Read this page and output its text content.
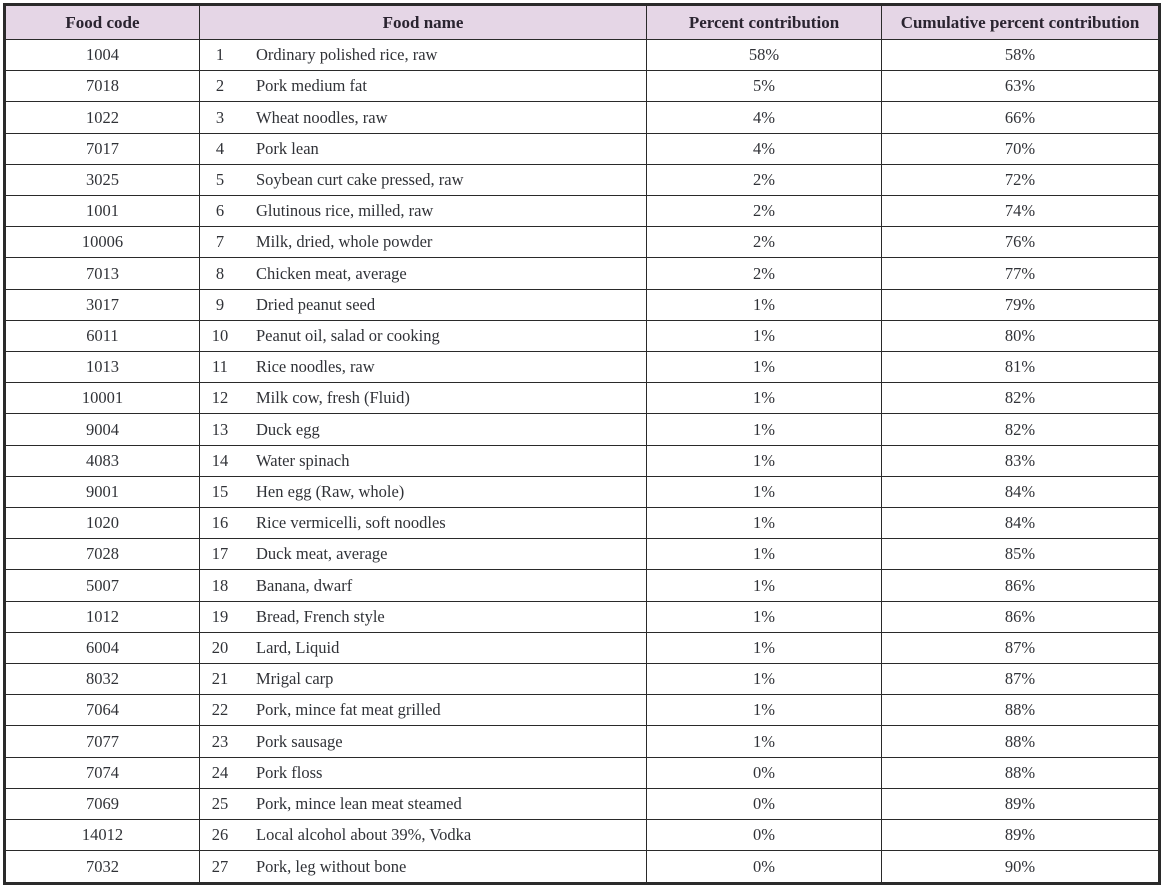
Food code	Food name	Percent contribution	Cumulative percent contribution
1004	1 Ordinary polished rice, raw	58%	58%
7018	2 Pork medium fat	5%	63%
1022	3 Wheat noodles, raw	4%	66%
7017	4 Pork lean	4%	70%
3025	5 Soybean curt cake pressed, raw	2%	72%
1001	6 Glutinous rice, milled, raw	2%	74%
10006	7 Milk, dried, whole powder	2%	76%
7013	8 Chicken meat, average	2%	77%
3017	9 Dried peanut seed	1%	79%
6011	10 Peanut oil, salad or cooking	1%	80%
1013	11 Rice noodles, raw	1%	81%
10001	12 Milk cow, fresh (Fluid)	1%	82%
9004	13 Duck egg	1%	82%
4083	14 Water spinach	1%	83%
9001	15 Hen egg (Raw, whole)	1%	84%
1020	16 Rice vermicelli, soft noodles	1%	84%
7028	17 Duck meat, average	1%	85%
5007	18 Banana, dwarf	1%	86%
1012	19 Bread, French style	1%	86%
6004	20 Lard, Liquid	1%	87%
8032	21 Mrigal carp	1%	87%
7064	22 Pork, mince fat meat grilled	1%	88%
7077	23 Pork sausage	1%	88%
7074	24 Pork floss	0%	88%
7069	25 Pork, mince lean meat steamed	0%	89%
14012	26 Local alcohol about 39%, Vodka	0%	89%
7032	27 Pork, leg without bone	0%	90%
